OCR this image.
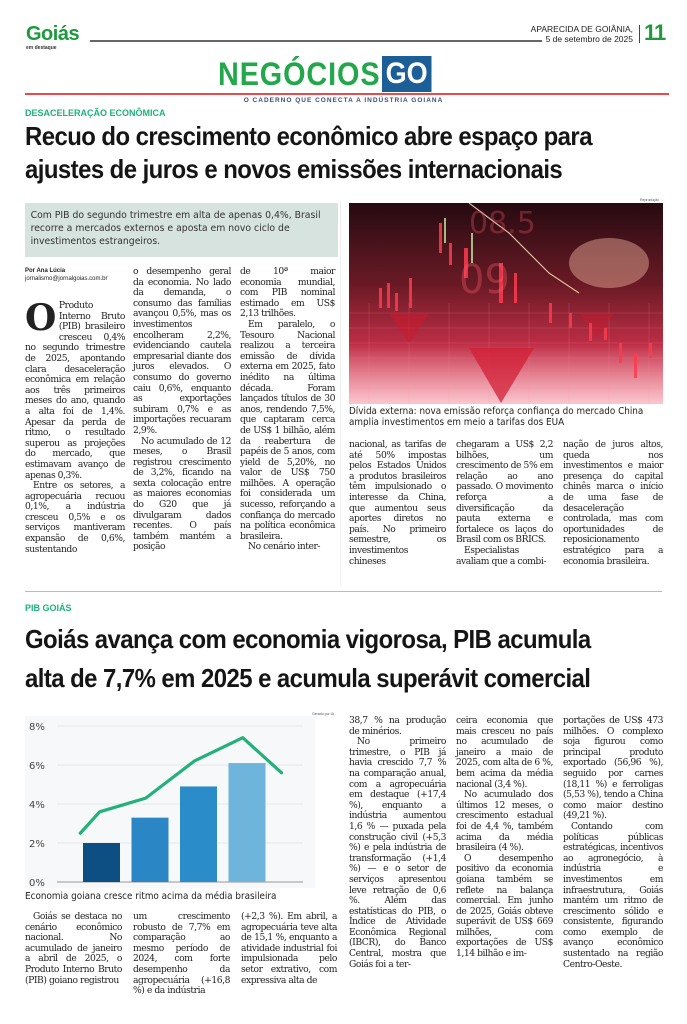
Goiás
em destaque
APARECIDA DE GOIÂNIA,
5 de setembro de 2025 11
NEGÓCIOS GO
O CADERNO QUE CONECTA A INDÚSTRIA GOIANA
DESACELERAÇÃO ECONÔMICA
Recuo do crescimento econômico abre espaço para
ajustes de juros e novos emissões internacionais
Com PIB do segundo trimestre em alta de apenas 0,4%, Brasil recorre a mercados externos e aposta em novo ciclo de investimentos estrangeiros.
Por Ana Lúcia
jornalismo@jornalgoias.com.br

O Produto Interno Bruto (PIB) brasileiro cresceu 0,4% no segundo trimestre de 2025, apontando clara desaceleração econômica em relação aos três primeiros meses do ano, quando a alta foi de 1,4%. Apesar da perda de ritmo, o resultado superou as projeções do mercado, que estimavam avanço de apenas 0,3%.

Entre os setores, a agropecuária recuou 0,1%, a indústria cresceu 0,5% e os serviços mantiveram expansão de 0,6%, sustentando

o desempenho geral da economia. No lado da demanda, o consumo das famílias avançou 0,5%, mas os investimentos encolheram 2,2%, evidenciando cautela empresarial diante dos juros elevados. O consumo do governo caiu 0,6%, enquanto as exportações subiram 0,7% e as importações recuaram 2,9%.

No acumulado de 12 meses, o Brasil registrou crescimento de 3,2%, ficando na sexta colocação entre as maiores economias do G20 que já divulgaram dados recentes. O país também mantém a posição

de 10ª maior economia mundial, com PIB nominal estimado em US$ 2,13 trilhões.

Em paralelo, o Tesouro Nacional realizou a terceira emissão de dívida externa em 2025, fato inédito na última década. Foram lançados títulos de 30 anos, rendendo 7,5%, que captaram cerca de US$ 1 bilhão, além da reabertura de papéis de 5 anos, com yield de 5,20%, no valor de US$ 750 milhões. A operação foi considerada um sucesso, reforçando a confiança do mercado na política econômica brasileira.

No cenário inter-

Reprodução
09
08.5
Dívida externa: nova emissão reforça confiança do mercado China amplia investimentos em meio a tarifas dos EUA

nacional, as tarifas de até 50% impostas pelos Estados Unidos a produtos brasileiros têm impulsionado o interesse da China, que aumentou seus aportes diretos no país. No primeiro semestre, os investimentos chineses

chegaram a US$ 2,2 bilhões, um crescimento de 5% em relação ao ano passado. O movimento reforça a diversificação da pauta externa e fortalece os laços do Brasil com os BRICS.

Especialistas avaliam que a combi-

nação de juros altos, queda nos investimentos e maior presença do capital chinês marca o início de uma fase de desaceleração controlada, mas com oportunidades de reposicionamento estratégico para a economia brasileira.

PIB GOIÁS
Goiás avança com economia vigorosa, PIB acumula
alta de 7,7% em 2025 e acumula superávit comercial
Gerado por IA
0%
2%
4%
6%
8%
Economia goiana cresce ritmo acima da média brasileira

Goiás se destaca no cenário econômico nacional. No acumulado de janeiro a abril de 2025, o Produto Interno Bruto (PIB) goiano registrou

um crescimento robusto de 7,7% em comparação ao mesmo período de 2024, com forte desempenho da agropecuária (+16,8 %) e da indústria

(+2,3 %). Em abril, a agropecuária teve alta de 15,1 %, enquanto a atividade industrial foi impulsionada pelo setor extrativo, com expressiva alta de

38,7 % na produção de minérios.

No primeiro trimestre, o PIB já havia crescido 7,7 % na comparação anual, com a agropecuária em destaque (+17,4 %), enquanto a indústria aumentou 1,6 % — puxada pela construção civil (+5,3 %) e pela indústria de transformação (+1,4 %) — e o setor de serviços apresentou leve retração de 0,6 %. Além das estatísticas do PIB, o Índice de Atividade Econômica Regional (IBCR), do Banco Central, mostra que Goiás foi a ter-

ceira economia que mais cresceu no país no acumulado de janeiro a maio de 2025, com alta de 6 %, bem acima da média nacional (3,4 %).

No acumulado dos últimos 12 meses, o crescimento estadual foi de 4,4 %, também acima da média brasileira (4 %).

O desempenho positivo da economia goiana também se reflete na balança comercial. Em junho de 2025, Goiás obteve superávit de US$ 669 milhões, com exportações de US$ 1,14 bilhão e im-

portações de US$ 473 milhões. O complexo soja figurou como principal produto exportado (56,96 %), seguido por carnes (18,11 %) e ferroligas (5,53 %), tendo a China como maior destino (49,21 %).

Contando com políticas públicas estratégicas, incentivos ao agronegócio, à indústria e investimentos em infraestrutura, Goiás mantém um ritmo de crescimento sólido e consistente, figurando como exemplo de avanço econômico sustentado na região Centro-Oeste.
